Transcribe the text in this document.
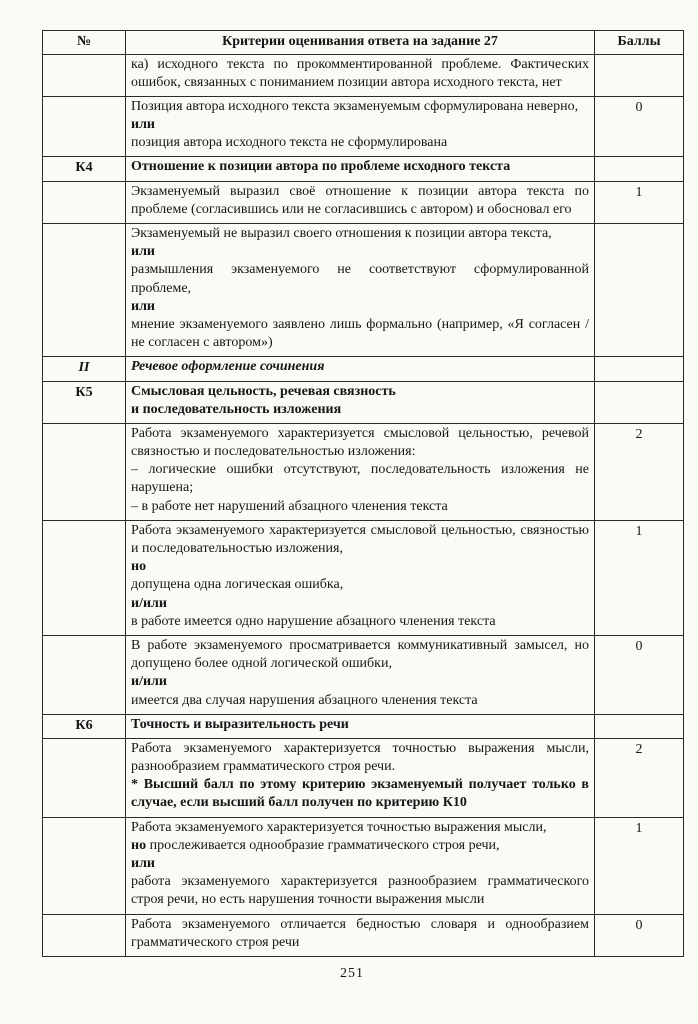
№	Критерии оценивания ответа на задание 27	Баллы

	ка) исходного текста по прокомментированной проблеме. Фактических ошибок, связанных с пониманием позиции автора исходного текста, нет	

	Позиция автора исходного текста экзаменуемым сформулирована неверно,
или
позиция автора исходного текста не сформулирована	0
К4	Отношение к позиции автора по проблеме исходного текста	

	Экзаменуемый выразил своё отношение к позиции автора текста по проблеме (согласившись или не согласившись с автором) и обосновал его	1

	Экзаменуемый не выразил своего отношения к позиции автора текста,
или
размышления экзаменуемого не соответствуют сформулированной проблеме,
или
мнение экзаменуемого заявлено лишь формально (например, «Я согласен / не согласен с автором»)	

II	Речевое оформление сочинения	

К5	Смысловая цельность, речевая связность
и последовательность изложения	

	Работа экзаменуемого характеризуется смысловой цельностью, речевой связностью и последовательностью изложения:
– логические ошибки отсутствуют, последовательность изложения не нарушена;
– в работе нет нарушений абзацного членения текста	2

	Работа экзаменуемого характеризуется смысловой цельностью, связностью и последовательностью изложения,
но
допущена одна логическая ошибка,
и/или
в работе имеется одно нарушение абзацного членения текста	1

	В работе экзаменуемого просматривается коммуникативный замысел, но допущено более одной логической ошибки,
и/или
имеется два случая нарушения абзацного членения текста	0
К6	Точность и выразительность речи	

	Работа экзаменуемого характеризуется точностью выражения мысли, разнообразием грамматического строя речи.
* Высший балл по этому критерию экзаменуемый получает только в случае, если высший балл получен по критерию К10	2

	Работа экзаменуемого характеризуется точностью выражения мысли,
но прослеживается однообразие грамматического строя речи,
или
работа экзаменуемого характеризуется разнообразием грамматического строя речи, но есть нарушения точности выражения мысли	1

	Работа экзаменуемого отличается бедностью словаря и однообразием грамматического строя речи	0
251
